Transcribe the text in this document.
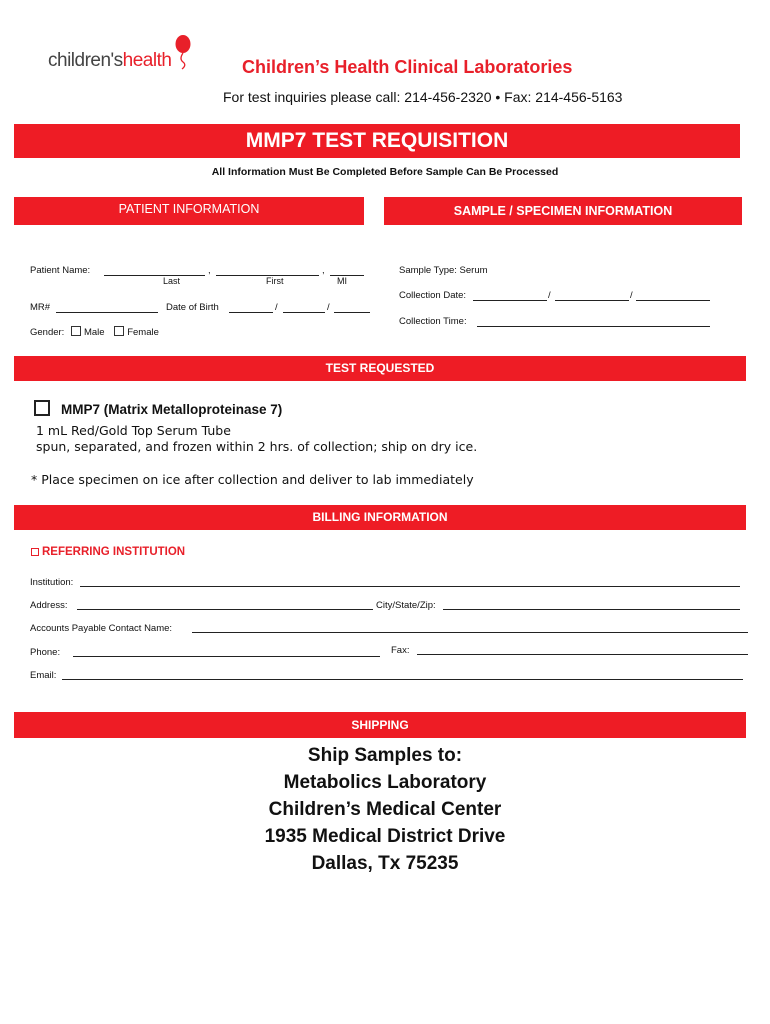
children'shealth	Children’s Health Clinical Laboratories
For test inquiries please call: 214-456-2320 • Fax: 214-456-5163
MMP7 TEST REQUISITION
All Information Must Be Completed Before Sample Can Be Processed
PATIENT INFORMATION	SAMPLE / SPECIMEN INFORMATION
Patient Name:	,	,
Last	First	MI
MR#	Date of Birth	/	/
Gender: Male Female
Sample Type: Serum
Collection Date:	/	/
Collection Time:
TEST REQUESTED
MMP7 (Matrix Metalloproteinase 7)
1 mL Red/Gold Top Serum Tube
spun, separated, and frozen within 2 hrs. of collection; ship on dry ice.
* Place specimen on ice after collection and deliver to lab immediately
BILLING INFORMATION
REFERRING INSTITUTION
Institution:
Address:	City/State/Zip:
Accounts Payable Contact Name:
Phone:	Fax:
Email:
SHIPPING
Ship Samples to:
Metabolics Laboratory
Children’s Medical Center
1935 Medical District Drive
Dallas, Tx 75235
